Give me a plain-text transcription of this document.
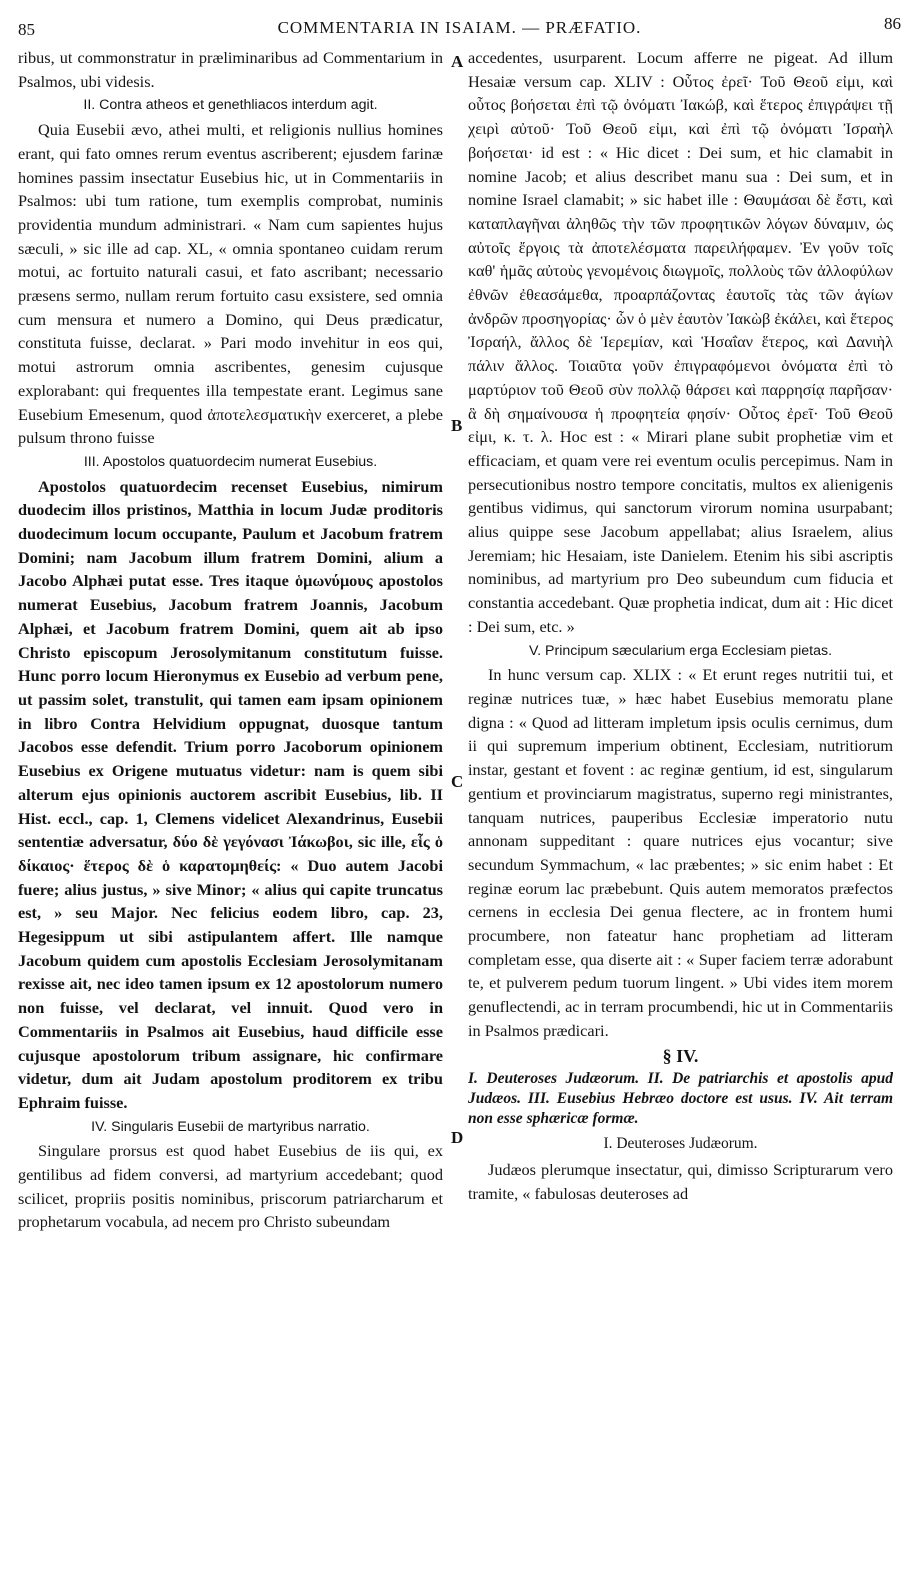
85	COMMENTARIA IN ISAIAM. — PRÆFATIO.	86

ribus, ut commonstratur in præliminaribus ad Commentarium in Psalmos, ubi videsis.

II. Contra atheos et genethliacos interdum agit.

Quia Eusebii ævo, athei multi, et religionis nullius homines erant, qui fato omnes rerum eventus ascriberent; ejusdem farinæ homines passim insectatur Eusebius hic, ut in Commentariis in Psalmos: ubi tum ratione, tum exemplis comprobat, numinis providentia mundum administrari. « Nam cum sapientes hujus sæculi, » sic ille ad cap. XL, « omnia spontaneo cuidam rerum motui, ac fortuito naturali casui, et fato ascribant; necessario præsens sermo, nullam rerum fortuito casu exsistere, sed omnia cum mensura et numero a Domino, qui Deus prædicatur, constituta fuisse, declarat. » Pari modo invehitur in eos qui, motui astrorum omnia ascribentes, genesim cujusque explorabant: qui frequentes illa tempestate erant. Legimus sane Eusebium Emesenum, quod ἀποτελεσματικὴν exerceret, a plebe pulsum throno fuisse

III. Apostolos quatuordecim numerat Eusebius.

Apostolos quatuordecim recenset Eusebius, nimirum duodecim illos pristinos, Matthia in locum Judæ proditoris duodecimum locum occupante, Paulum et Jacobum fratrem Domini; nam Jacobum illum fratrem Domini, alium a Jacobo Alphæi putat esse. Tres itaque ὁμωνύμους apostolos numerat Eusebius, Jacobum fratrem Joannis, Jacobum Alphæi, et Jacobum fratrem Domini, quem ait ab ipso Christo episcopum Jerosolymitanum constitutum fuisse. Hunc porro locum Hieronymus ex Eusebio ad verbum pene, ut passim solet, transtulit, qui tamen eam ipsam opinionem in libro Contra Helvidium oppugnat, duosque tantum Jacobos esse defendit. Trium porro Jacoborum opinionem Eusebius ex Origene mutuatus videtur: nam is quem sibi alterum ejus opinionis auctorem ascribit Eusebius, lib. II Hist. eccl., cap. 1, Clemens videlicet Alexandrinus, Eusebii sententiæ adversatur, δύο δὲ γεγόνασι Ἰάκωβοι, sic ille, εἷς ὁ δίκαιος· ἕτερος δὲ ὁ καρατομηθείς: « Duo autem Jacobi fuere; alius justus, » sive Minor; « alius qui capite truncatus est, » seu Major. Nec felicius eodem libro, cap. 23, Hegesippum ut sibi astipulantem affert. Ille namque Jacobum quidem cum apostolis Ecclesiam Jerosolymitanam rexisse ait, nec ideo tamen ipsum ex 12 apostolorum numero non fuisse, vel declarat, vel innuit. Quod vero in Commentariis in Psalmos ait Eusebius, haud difficile esse cujusque apostolorum tribum assignare, hic confirmare videtur, dum ait Judam apostolum proditorem ex tribu Ephraim fuisse.

IV. Singularis Eusebii de martyribus narratio.

Singulare prorsus est quod habet Eusebius de iis qui, ex gentilibus ad fidem conversi, ad martyrium accedebant; quod scilicet, propriis positis nominibus, priscorum patriarcharum et prophetarum vocabula, ad necem pro Christo subeundam

accedentes, usurparent. Locum afferre ne pigeat. Ad illum Hesaiæ versum cap. XLIV : Οὗτος ἐρεῖ· Τοῦ Θεοῦ εἰμι, καὶ οὗτος βοήσεται ἐπὶ τῷ ὀνόματι Ἰακώβ, καὶ ἕτερος ἐπιγράψει τῇ χειρὶ αὐτοῦ· Τοῦ Θεοῦ εἰμι, καὶ ἐπὶ τῷ ὀνόματι Ἰσραὴλ βοήσεται· id est : « Hic dicet : Dei sum, et hic clamabit in nomine Jacob; et alius describet manu sua : Dei sum, et in nomine Israel clamabit; » sic habet ille : Θαυμάσαι δὲ ἔστι, καὶ καταπλαγῆναι ἀληθῶς τὴν τῶν προφητικῶν λόγων δύναμιν, ὡς αὐτοῖς ἔργοις τὰ ἀποτελέσματα παρειλήφαμεν. Ἐν γοῦν τοῖς καθ' ἡμᾶς αὐτοὺς γενομένοις διωγμοῖς, πολλοὺς τῶν ἀλλοφύλων ἐθνῶν ἐθεασάμεθα, προαρπάζοντας ἑαυτοῖς τὰς τῶν ἁγίων ἀνδρῶν προσηγορίας· ὧν ὁ μὲν ἑαυτὸν Ἰακὼβ ἐκάλει, καὶ ἕτερος Ἰσραήλ, ἄλλος δὲ Ἱερεμίαν, καὶ Ἡσαΐαν ἕτερος, καὶ Δανιὴλ πάλιν ἄλλος. Τοιαῦτα γοῦν ἐπιγραφόμενοι ὀνόματα ἐπὶ τὸ μαρτύριον τοῦ Θεοῦ σὺν πολλῷ θάρσει καὶ παρρησίᾳ παρῆσαν· ἃ δὴ σημαίνουσα ἡ προφητεία φησίν· Οὗτος ἐρεῖ· Τοῦ Θεοῦ εἰμι, κ. τ. λ. Hoc est : « Mirari plane subit prophetiæ vim et efficaciam, et quam vere rei eventum oculis percepimus. Nam in persecutionibus nostro tempore concitatis, multos ex alienigenis gentibus vidimus, qui sanctorum virorum nomina usurpabant; alius quippe sese Jacobum appellabat; alius Israelem, alius Jeremiam; hic Hesaiam, iste Danielem. Etenim his sibi ascriptis nominibus, ad martyrium pro Deo subeundum cum fiducia et constantia accedebant. Quæ prophetia indicat, dum ait : Hic dicet : Dei sum, etc. »

V. Principum sæcularium erga Ecclesiam pietas.

In hunc versum cap. XLIX : « Et erunt reges nutritii tui, et reginæ nutrices tuæ, » hæc habet Eusebius memoratu plane digna : « Quod ad litteram impletum ipsis oculis cernimus, dum ii qui supremum imperium obtinent, Ecclesiam, nutritiorum instar, gestant et fovent : ac reginæ gentium, id est, singularum gentium et provinciarum magistratus, superno regi ministrantes, tanquam nutrices, pauperibus Ecclesiæ imperatorio nutu annonam suppeditant : quare nutrices ejus vocantur; sive secundum Symmachum, « lac præbentes; » sic enim habet : Et reginæ eorum lac præbebunt. Quis autem memoratos præfectos cernens in ecclesia Dei genua flectere, ac in frontem humi procumbere, non fateatur hanc prophetiam ad litteram completam esse, qua diserte ait : « Super faciem terræ adorabunt te, et pulverem pedum tuorum lingent. » Ubi vides item morem genuflectendi, ac in terram procumbendi, hic ut in Commentariis in Psalmos prædicari.

§ IV.

I. Deuteroses Judæorum. II. De patriarchis et apostolis apud Judæos. III. Eusebius Hebræo doctore est usus. IV. Ait terram non esse sphæricæ formæ.

I. Deuteroses Judæorum.

Judæos plerumque insectatur, qui, dimisso Scripturarum vero tramite, « fabulosas deuteroses ad

A
B
C
D
